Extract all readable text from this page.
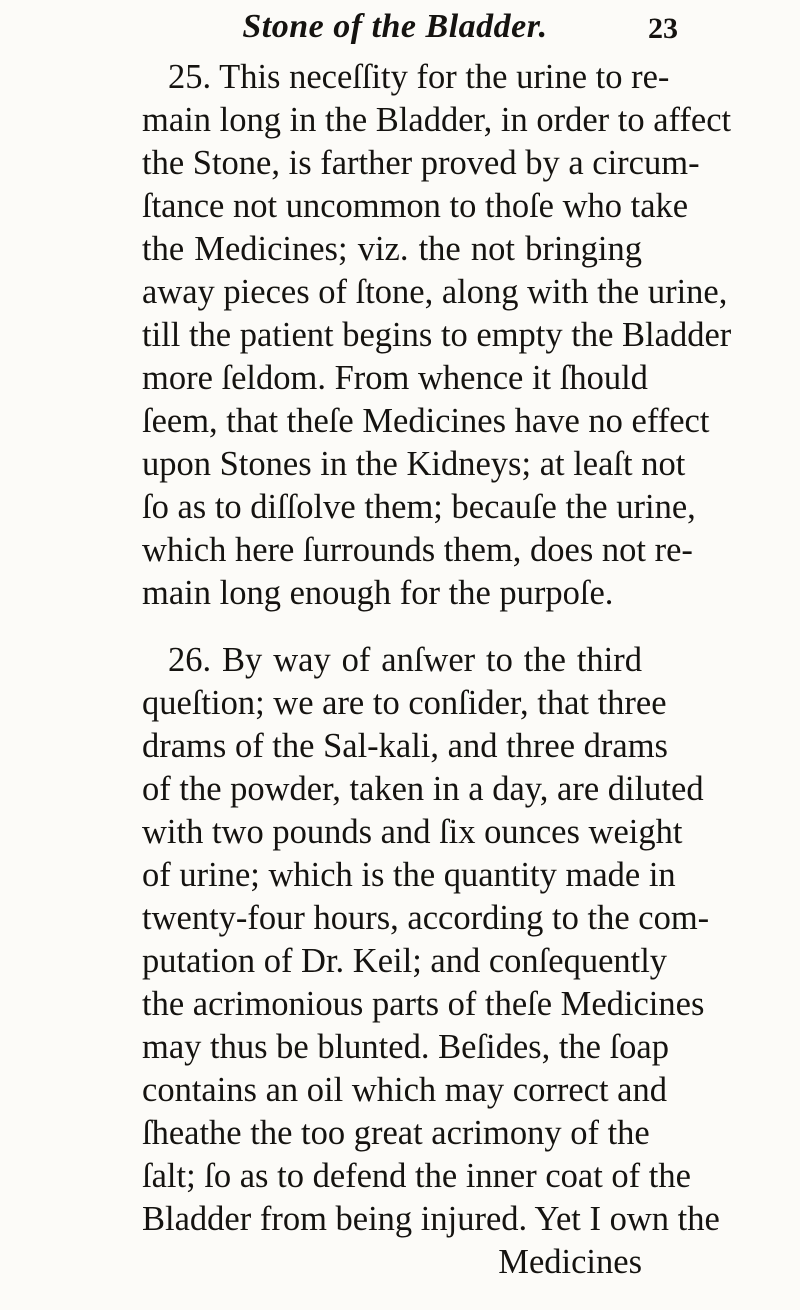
Stone of the Bladder.	23
25. This neceſſity for the urine to re-
main long in the Bladder, in order to affect
the Stone, is farther proved by a circum-
ſtance not uncommon to thoſe who take
the Medicines; viz. the not bringing
away pieces of ſtone, along with the urine,
till the patient begins to empty the Bladder
more ſeldom. From whence it ſhould
ſeem, that theſe Medicines have no effect
upon Stones in the Kidneys; at leaſt not
ſo as to diſſolve them; becauſe the urine,
which here ſurrounds them, does not re-
main long enough for the purpoſe.
26. By way of anſwer to the third
queſtion; we are to conſider, that three
drams of the Sal-kali, and three drams
of the powder, taken in a day, are diluted
with two pounds and ſix ounces weight
of urine; which is the quantity made in
twenty-four hours, according to the com-
putation of Dr. Keil; and conſequently
the acrimonious parts of theſe Medicines
may thus be blunted. Beſides, the ſoap
contains an oil which may correct and
ſheathe the too great acrimony of the
ſalt; ſo as to defend the inner coat of the
Bladder from being injured. Yet I own the
Medicines
